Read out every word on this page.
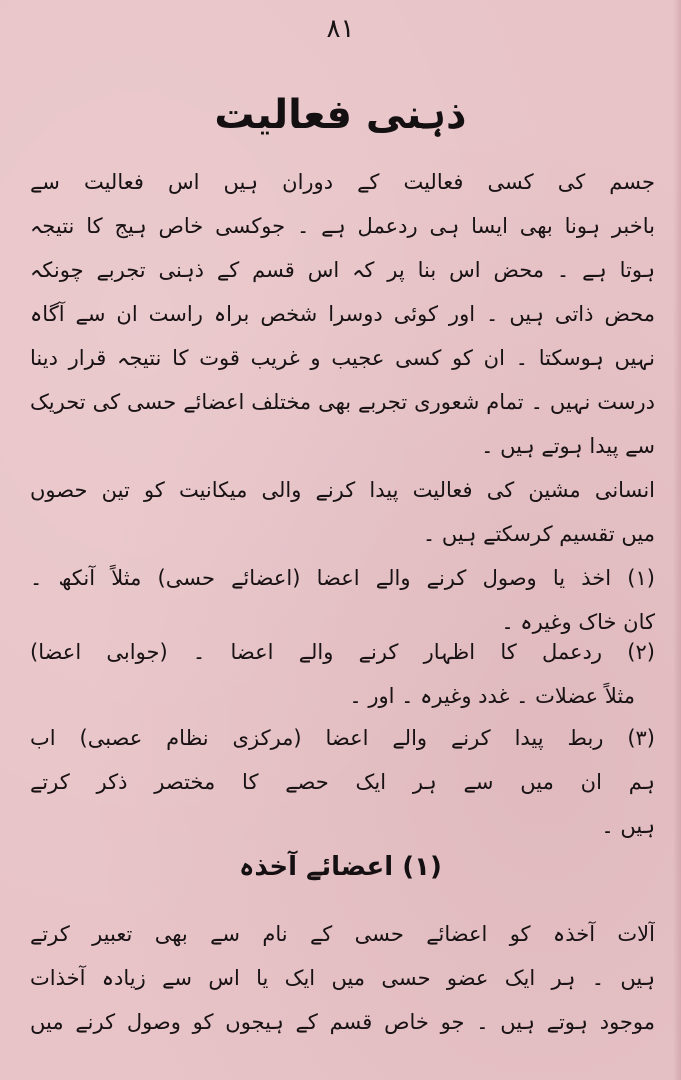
۸۱
ذہنی فعالیت
جسم کی کسی فعالیت کے دوران ہیں اس فعالیت سے
باخبر ہونا بھی ایسا ہی ردعمل ہے ۔ جوکسی خاص ہیج کا نتیجہ
ہوتا ہے ۔ محض اس بنا پر کہ اس قسم کے ذہنی تجربے چونکہ
محض ذاتی ہیں ۔ اور کوئی دوسرا شخص براہ راست ان سے آگاہ
نہیں ہوسکتا ۔ ان کو کسی عجیب و غریب قوت کا نتیجہ قرار دینا
درست نہیں ۔ تمام شعوری تجربے بھی مختلف اعضائے حسی کی تحریک
سے پیدا ہوتے ہیں ۔
انسانی مشین کی فعالیت پیدا کرنے والی میکانیت کو تین حصوں
میں تقسیم کرسکتے ہیں ۔
(۱) اخذ یا وصول کرنے والے اعضا (اعضائے حسی) مثلاً آنکھ ۔
کان خاک وغیرہ ۔
(۲) ردعمل کا اظہار کرنے والے اعضا ۔ (جوابی اعضا)
مثلاً عضلات ۔ غدد وغیرہ ۔ اور ۔
(۳) ربط پیدا کرنے والے اعضا (مرکزی نظام عصبی) اب
ہم ان میں سے ہر ایک حصے کا مختصر ذکر کرتے
ہیں ۔
(۱) اعضائے آخذہ
آلات آخذہ کو اعضائے حسی کے نام سے بھی تعبیر کرتے
ہیں ۔ ہر ایک عضو حسی میں ایک یا اس سے زیادہ آخذات
موجود ہوتے ہیں ۔ جو خاص قسم کے ہیجوں کو وصول کرنے میں
